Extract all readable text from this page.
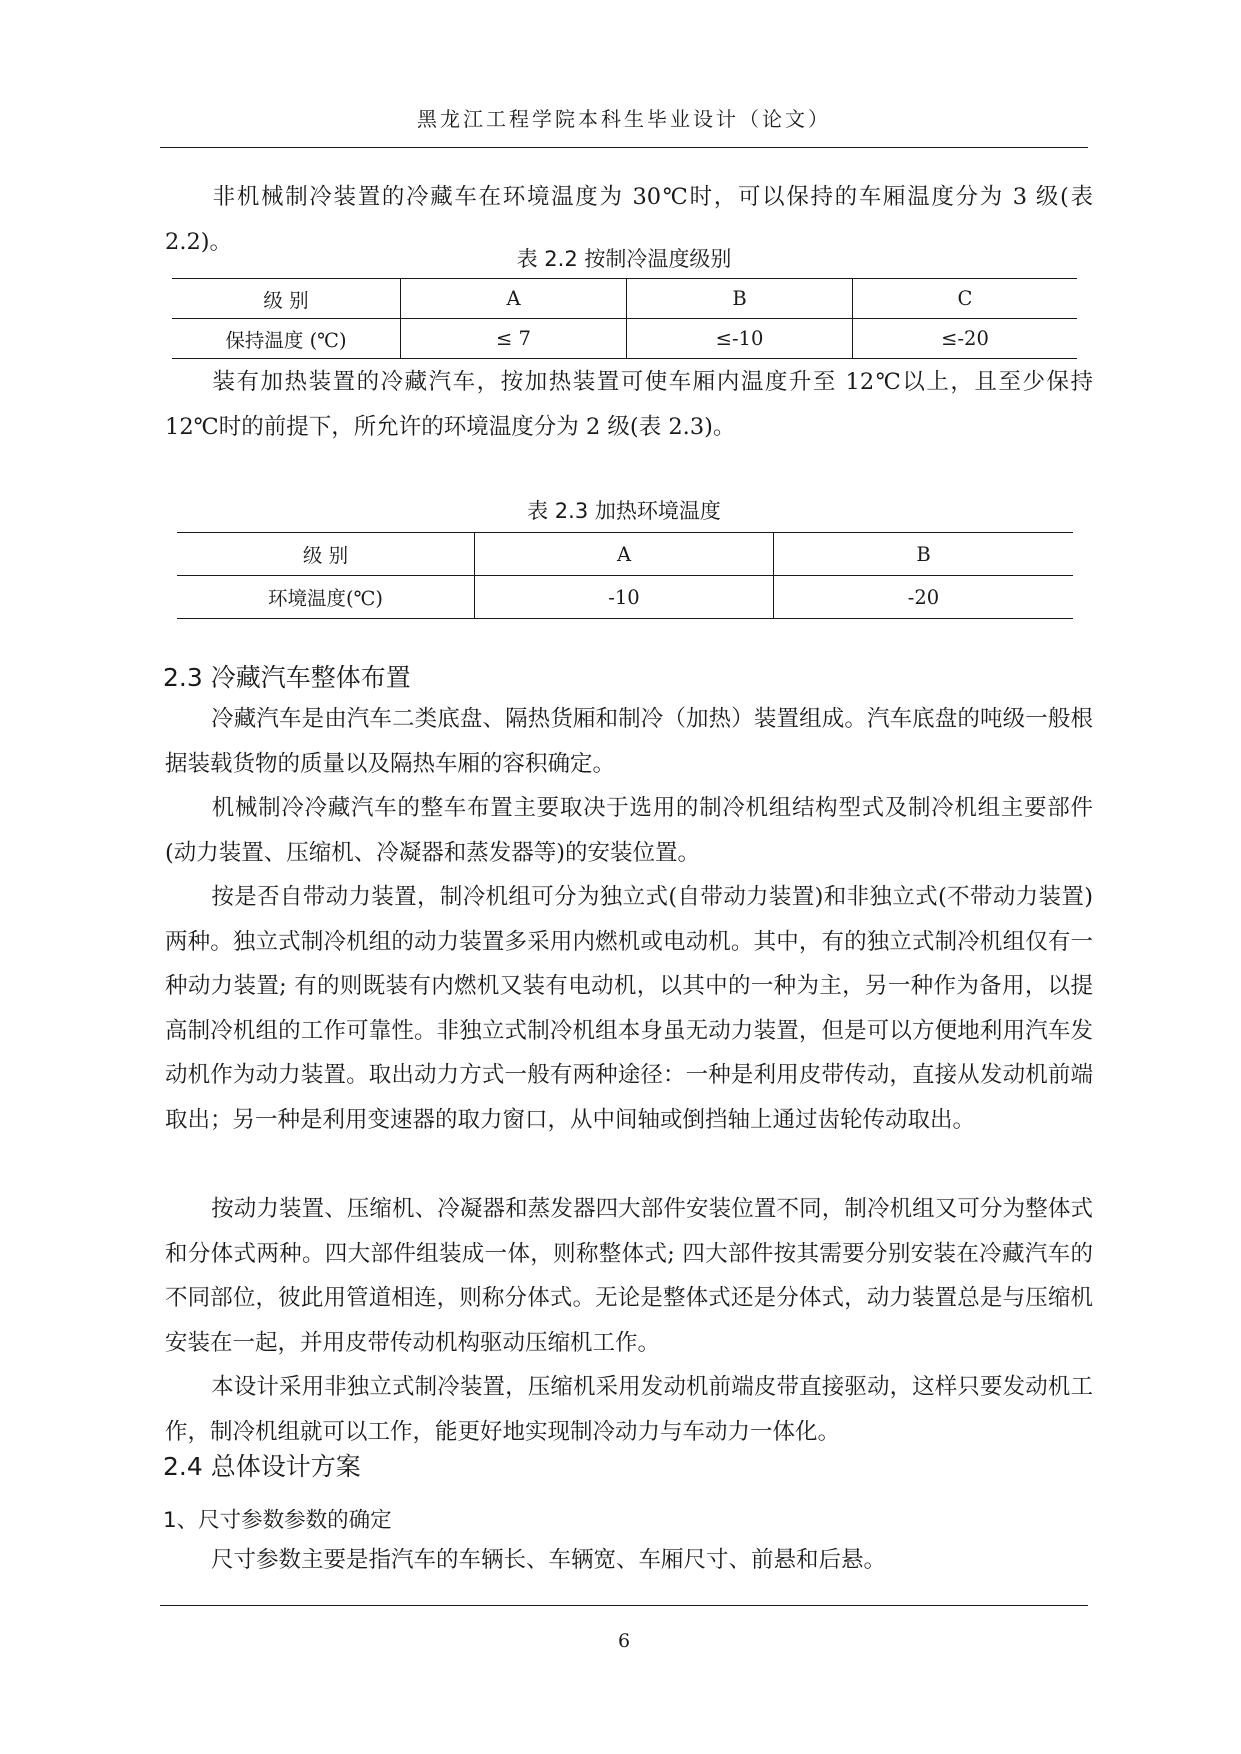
黑龙江工程学院本科生毕业设计（论文）

非机械制冷装置的冷藏车在环境温度为 30℃时，可以保持的车厢温度分为 3 级(表 2.2)。

表 2.2 按制冷温度级别
级 别	A	B	C
保持温度 (℃)	≤ 7	≤-10	≤-20

装有加热装置的冷藏汽车，按加热装置可使车厢内温度升至 12℃以上，且至少保持 12℃时的前提下，所允许的环境温度分为 2 级(表 2.3)。

表 2.3 加热环境温度
级 别	A	B
环境温度(℃)	-10	-20
2.3 冷藏汽车整体布置

冷藏汽车是由汽车二类底盘、隔热货厢和制冷（加热）装置组成。汽车底盘的吨级一般根据装载货物的质量以及隔热车厢的容积确定。

机械制冷冷藏汽车的整车布置主要取决于选用的制冷机组结构型式及制冷机组主要部件(动力装置、压缩机、冷凝器和蒸发器等)的安装位置。

按是否自带动力装置，制冷机组可分为独立式(自带动力装置)和非独立式(不带动力装置)两种。独立式制冷机组的动力装置多采用内燃机或电动机。其中，有的独立式制冷机组仅有一种动力装置; 有的则既装有内燃机又装有电动机，以其中的一种为主，另一种作为备用，以提高制冷机组的工作可靠性。非独立式制冷机组本身虽无动力装置，但是可以方便地利用汽车发动机作为动力装置。取出动力方式一般有两种途径：一种是利用皮带传动，直接从发动机前端取出；另一种是利用变速器的取力窗口，从中间轴或倒挡轴上通过齿轮传动取出。

按动力装置、压缩机、冷凝器和蒸发器四大部件安装位置不同，制冷机组又可分为整体式和分体式两种。四大部件组装成一体，则称整体式; 四大部件按其需要分别安装在冷藏汽车的不同部位，彼此用管道相连，则称分体式。无论是整体式还是分体式，动力装置总是与压缩机安装在一起，并用皮带传动机构驱动压缩机工作。

本设计采用非独立式制冷装置，压缩机采用发动机前端皮带直接驱动，这样只要发动机工作，制冷机组就可以工作，能更好地实现制冷动力与车动力一体化。

2.4 总体设计方案
1、尺寸参数参数的确定

尺寸参数主要是指汽车的车辆长、车辆宽、车厢尺寸、前悬和后悬。

6
